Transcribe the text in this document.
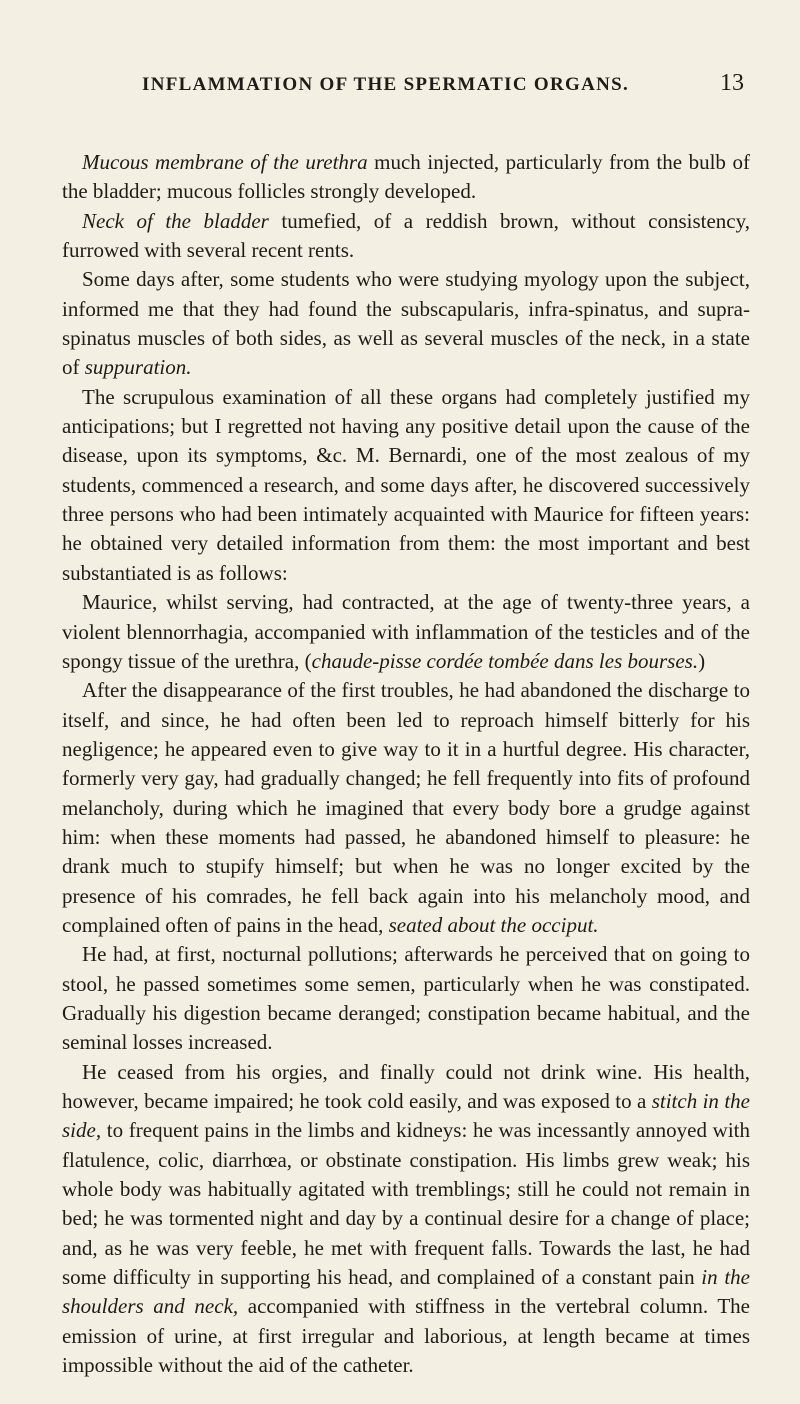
INFLAMMATION OF THE SPERMATIC ORGANS.	13

Mucous membrane of the urethra much injected, particularly from the bulb of the bladder; mucous follicles strongly developed.

Neck of the bladder tumefied, of a reddish brown, without consistency, furrowed with several recent rents.

Some days after, some students who were studying myology upon the subject, informed me that they had found the subscapularis, infra-spinatus, and supra-spinatus muscles of both sides, as well as several muscles of the neck, in a state of suppuration.

The scrupulous examination of all these organs had completely justified my anticipations; but I regretted not having any positive detail upon the cause of the disease, upon its symptoms, &c. M. Bernardi, one of the most zealous of my students, commenced a research, and some days after, he discovered successively three persons who had been intimately acquainted with Maurice for fifteen years: he obtained very detailed information from them: the most important and best substantiated is as follows:

Maurice, whilst serving, had contracted, at the age of twenty-three years, a violent blennorrhagia, accompanied with inflammation of the testicles and of the spongy tissue of the urethra, (chaude-pisse cordée tombée dans les bourses.)

After the disappearance of the first troubles, he had abandoned the discharge to itself, and since, he had often been led to reproach himself bitterly for his negligence; he appeared even to give way to it in a hurtful degree. His character, formerly very gay, had gradually changed; he fell frequently into fits of profound melancholy, during which he imagined that every body bore a grudge against him: when these moments had passed, he abandoned himself to pleasure: he drank much to stupify himself; but when he was no longer excited by the presence of his comrades, he fell back again into his melancholy mood, and complained often of pains in the head, seated about the occiput.

He had, at first, nocturnal pollutions; afterwards he perceived that on going to stool, he passed sometimes some semen, particularly when he was constipated. Gradually his digestion became deranged; constipation became habitual, and the seminal losses increased.

He ceased from his orgies, and finally could not drink wine. His health, however, became impaired; he took cold easily, and was exposed to a stitch in the side, to frequent pains in the limbs and kidneys: he was incessantly annoyed with flatulence, colic, diarrhœa, or obstinate constipation. His limbs grew weak; his whole body was habitually agitated with tremblings; still he could not remain in bed; he was tormented night and day by a continual desire for a change of place; and, as he was very feeble, he met with frequent falls. Towards the last, he had some difficulty in supporting his head, and complained of a constant pain in the shoulders and neck, accompanied with stiffness in the vertebral column. The emission of urine, at first irregular and laborious, at length became at times impossible without the aid of the catheter.
